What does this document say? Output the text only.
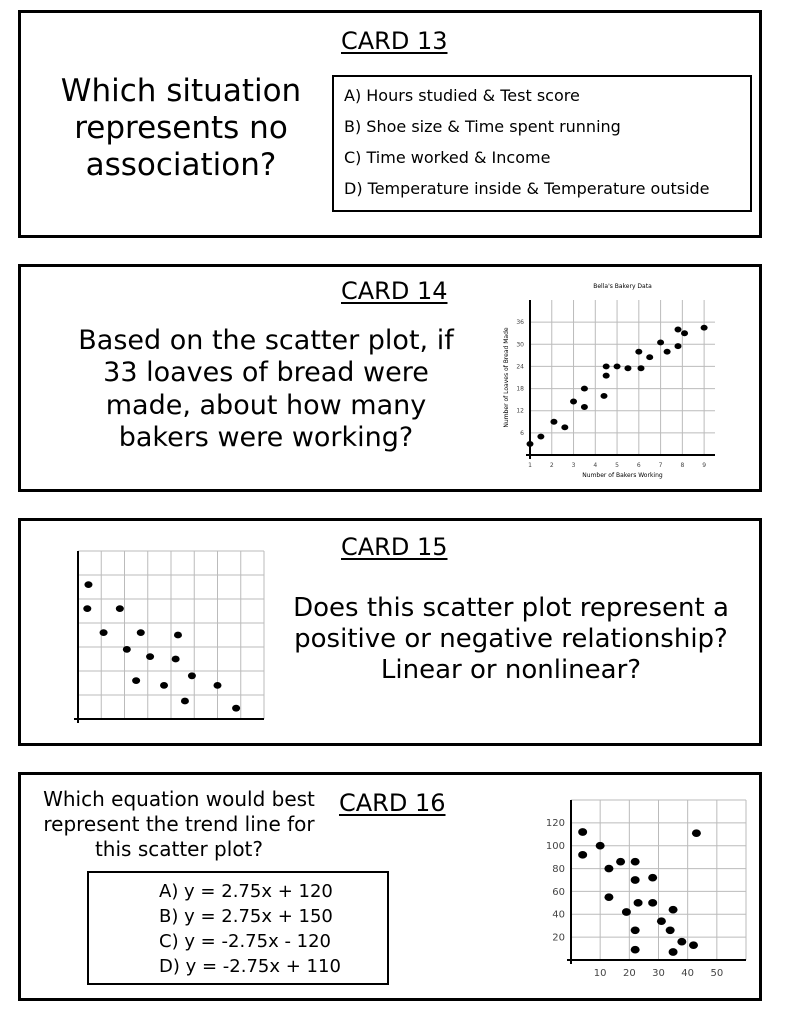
CARD 13
Which situation represents no association?
A) Hours studied & Test score
B) Shoe size & Time spent running
C) Time worked & Income
D) Temperature inside & Temperature outside
CARD 14
Based on the scatter plot, if 33 loaves of bread were made, about how many bakers were working?
1	2	3	4	5	6	7	8	9
6
12
18
24
30
36
Bella's Bakery Data
Number of Bakers Working
Number of Loaves of Bread Made
CARD 15
Does this scatter plot represent a positive or negative relationship? Linear or nonlinear?
CARD 16
Which equation would best represent the trend line for this scatter plot?
A) y = 2.75x + 120
B) y = 2.75x + 150
C) y = -2.75x - 120
D) y = -2.75x + 110	10 20 30 40 50
20
40
60
80
100
120
